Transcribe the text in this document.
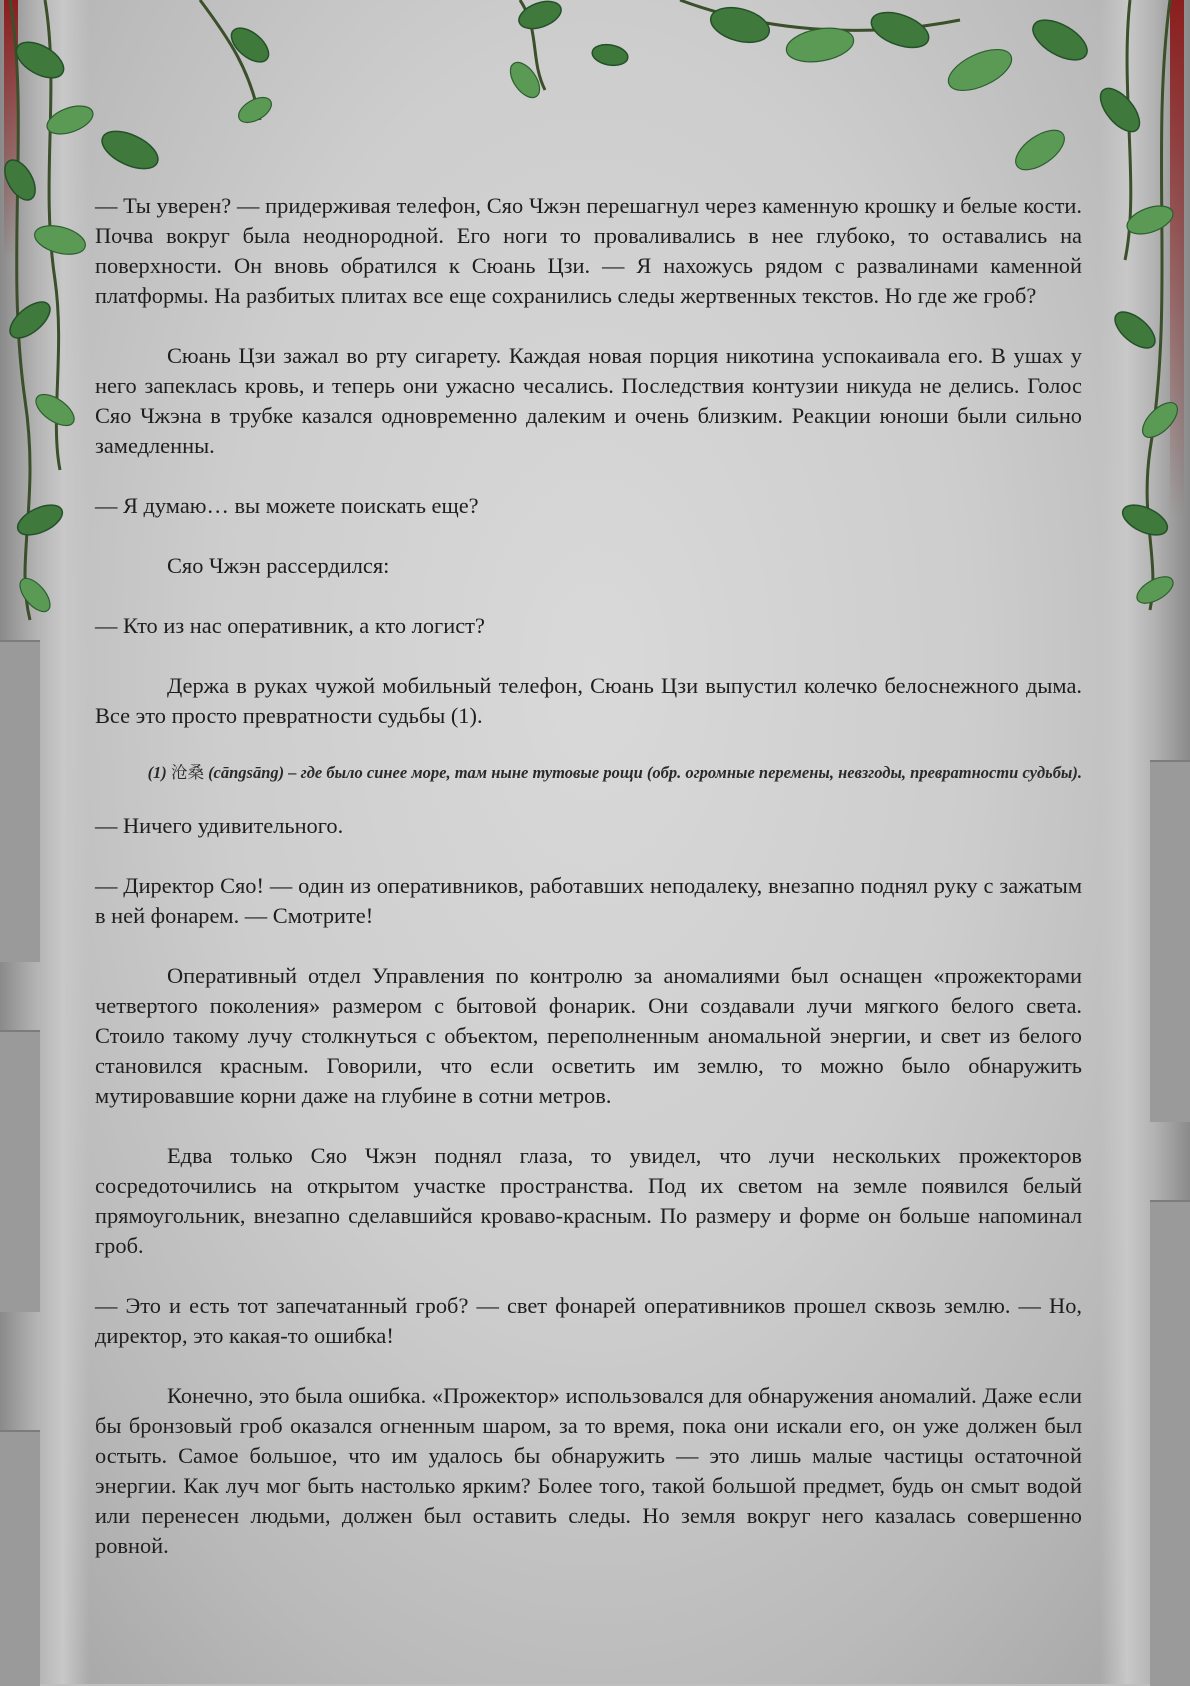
— Ты уверен? — придерживая телефон, Сяо Чжэн перешагнул через каменную крошку и белые кости. Почва вокруг была неоднородной. Его ноги то проваливались в нее глубоко, то оставались на поверхности. Он вновь обратился к Сюань Цзи. — Я нахожусь рядом с развалинами каменной платформы. На разбитых плитах все еще сохранились следы жертвенных текстов. Но где же гроб?

Сюань Цзи зажал во рту сигарету. Каждая новая порция никотина успокаивала его. В ушах у него запеклась кровь, и теперь они ужасно чесались. Последствия контузии никуда не делись. Голос Сяо Чжэна в трубке казался одновременно далеким и очень близким. Реакции юноши были сильно замедленны.

— Я думаю… вы можете поискать еще?

Сяо Чжэн рассердился:

— Кто из нас оперативник, а кто логист?

Держа в руках чужой мобильный телефон, Сюань Цзи выпустил колечко белоснежного дыма. Все это просто превратности судьбы (1).

(1) 沧桑 (cāngsāng) – где было синее море, там ныне тутовые рощи (обр. огромные перемены, невзгоды, превратности судьбы).

— Ничего удивительного.

— Директор Сяо! — один из оперативников, работавших неподалеку, внезапно поднял руку с зажатым в ней фонарем. — Смотрите!

Оперативный отдел Управления по контролю за аномалиями был оснащен «прожекторами четвертого поколения» размером с бытовой фонарик. Они создавали лучи мягкого белого света. Стоило такому лучу столкнуться с объектом, переполненным аномальной энергии, и свет из белого становился красным. Говорили, что если осветить им землю, то можно было обнаружить мутировавшие корни даже на глубине в сотни метров.

Едва только Сяо Чжэн поднял глаза, то увидел, что лучи нескольких прожекторов сосредоточились на открытом участке пространства. Под их светом на земле появился белый прямоугольник, внезапно сделавшийся кроваво-красным. По размеру и форме он больше напоминал гроб.

— Это и есть тот запечатанный гроб? — свет фонарей оперативников прошел сквозь землю. — Но, директор, это какая-то ошибка!

Конечно, это была ошибка. «Прожектор» использовался для обнаружения аномалий. Даже если бы бронзовый гроб оказался огненным шаром, за то время, пока они искали его, он уже должен был остыть. Самое большое, что им удалось бы обнаружить — это лишь малые частицы остаточной энергии. Как луч мог быть настолько ярким? Более того, такой большой предмет, будь он смыт водой или перенесен людьми, должен был оставить следы. Но земля вокруг него казалась совершенно ровной.
